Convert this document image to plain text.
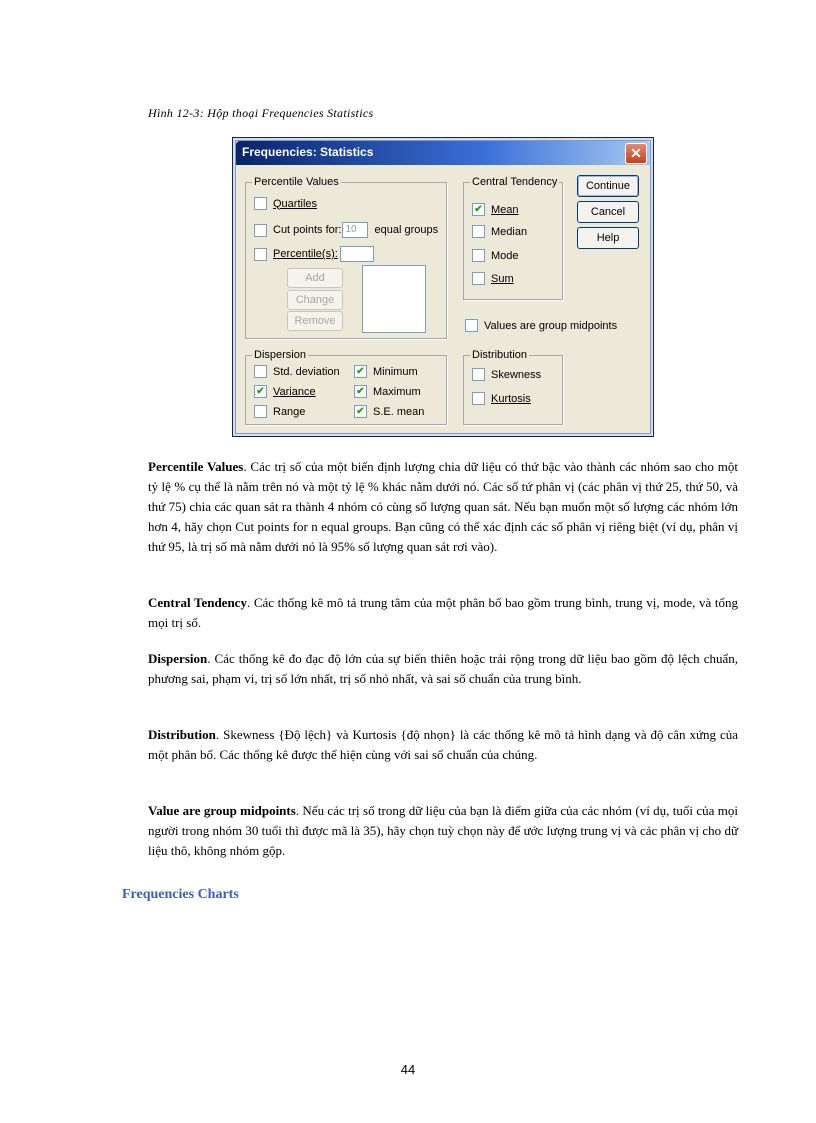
Hình 12-3: Hộp thoại Frequencies Statistics
Frequencies: Statistics	✕
Percentile Values
Quartiles
Cut points for: 10	equal groups
Percentile(s):
Add
Change
Remove
Central Tendency
✔
Mean
Median
Mode
Sum
Continue
Cancel
Help
Values are group midpoints
Dispersion
Std. deviation
✔
Variance
Range
✔
Minimum
✔
Maximum
✔
S.E. mean
Distribution
Skewness
Kurtosis

Percentile Values. Các trị số của một biến định lượng chia dữ liệu có thứ bậc vào thành các nhóm sao cho một tỷ lệ % cụ thể là nằm trên nó và một tỷ lệ % khác nằm dưới nó. Các số tứ phân vị (các phân vị thứ 25, thứ 50, và thứ 75) chia các quan sát ra thành 4 nhóm có cùng số lượng quan sát. Nếu bạn muốn một số lượng các nhóm lớn hơn 4, hãy chọn Cut points for n equal groups. Bạn cũng có thể xác định các số phân vị riêng biệt (ví dụ, phân vị thứ 95, là trị số mà nằm dưới nó là 95% số lượng quan sát rơi vào).

Central Tendency. Các thống kê mô tả trung tâm của một phân bố bao gồm trung bình, trung vị, mode, và tổng mọi trị số.

Dispersion. Các thống kê đo đạc độ lớn của sự biến thiên hoặc trải rộng trong dữ liệu bao gồm độ lệch chuẩn, phương sai, phạm vi, trị số lớn nhất, trị số nhỏ nhất, và sai số chuẩn của trung bình.

Distribution. Skewness {Độ lệch} và Kurtosis {độ nhọn} là các thống kê mô tả hình dạng và độ cân xứng của một phân bố. Các thống kê được thể hiện cùng với sai số chuẩn của chúng.

Value are group midpoints. Nếu các trị số trong dữ liệu của bạn là điểm giữa của các nhóm (ví dụ, tuổi của mọi người trong nhóm 30 tuổi thì được mã là 35), hãy chọn tuỳ chọn này để ước lượng trung vị và các phân vị cho dữ liệu thô, không nhóm gộp.

Frequencies Charts
44
